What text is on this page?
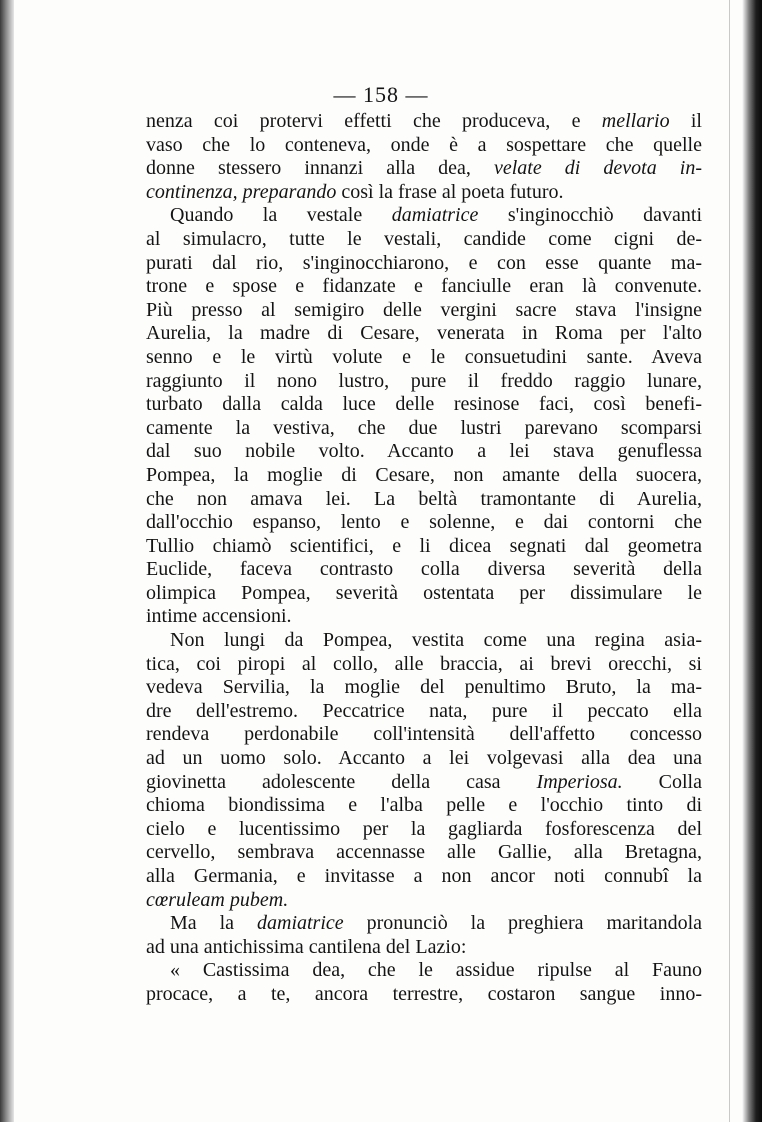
— 158 —
nenza coi protervi effetti che produceva, e mellario il
vaso che lo conteneva, onde è a sospettare che quelle
donne stessero innanzi alla dea, velate di devota in-
continenza, preparando così la frase al poeta futuro.
Quando la vestale damiatrice s'inginocchiò davanti
al simulacro, tutte le vestali, candide come cigni de-
purati dal rio, s'inginocchiarono, e con esse quante ma-
trone e spose e fidanzate e fanciulle eran là convenute.
Più presso al semigiro delle vergini sacre stava l'insigne
Aurelia, la madre di Cesare, venerata in Roma per l'alto
senno e le virtù volute e le consuetudini sante. Aveva
raggiunto il nono lustro, pure il freddo raggio lunare,
turbato dalla calda luce delle resinose faci, così benefi-
camente la vestiva, che due lustri parevano scomparsi
dal suo nobile volto. Accanto a lei stava genuflessa
Pompea, la moglie di Cesare, non amante della suocera,
che non amava lei. La beltà tramontante di Aurelia,
dall'occhio espanso, lento e solenne, e dai contorni che
Tullio chiamò scientifici, e li dicea segnati dal geometra
Euclide, faceva contrasto colla diversa severità della
olimpica Pompea, severità ostentata per dissimulare le
intime accensioni.
Non lungi da Pompea, vestita come una regina asia-
tica, coi piropi al collo, alle braccia, ai brevi orecchi, si
vedeva Servilia, la moglie del penultimo Bruto, la ma-
dre dell'estremo. Peccatrice nata, pure il peccato ella
rendeva perdonabile coll'intensità dell'affetto concesso
ad un uomo solo. Accanto a lei volgevasi alla dea una
giovinetta adolescente della casa Imperiosa. Colla
chioma biondissima e l'alba pelle e l'occhio tinto di
cielo e lucentissimo per la gagliarda fosforescenza del
cervello, sembrava accennasse alle Gallie, alla Bretagna,
alla Germania, e invitasse a non ancor noti connubî la
cœruleam pubem.
Ma la damiatrice pronunciò la preghiera maritandola
ad una antichissima cantilena del Lazio:
« Castissima dea, che le assidue ripulse al Fauno
procace, a te, ancora terrestre, costaron sangue inno-
